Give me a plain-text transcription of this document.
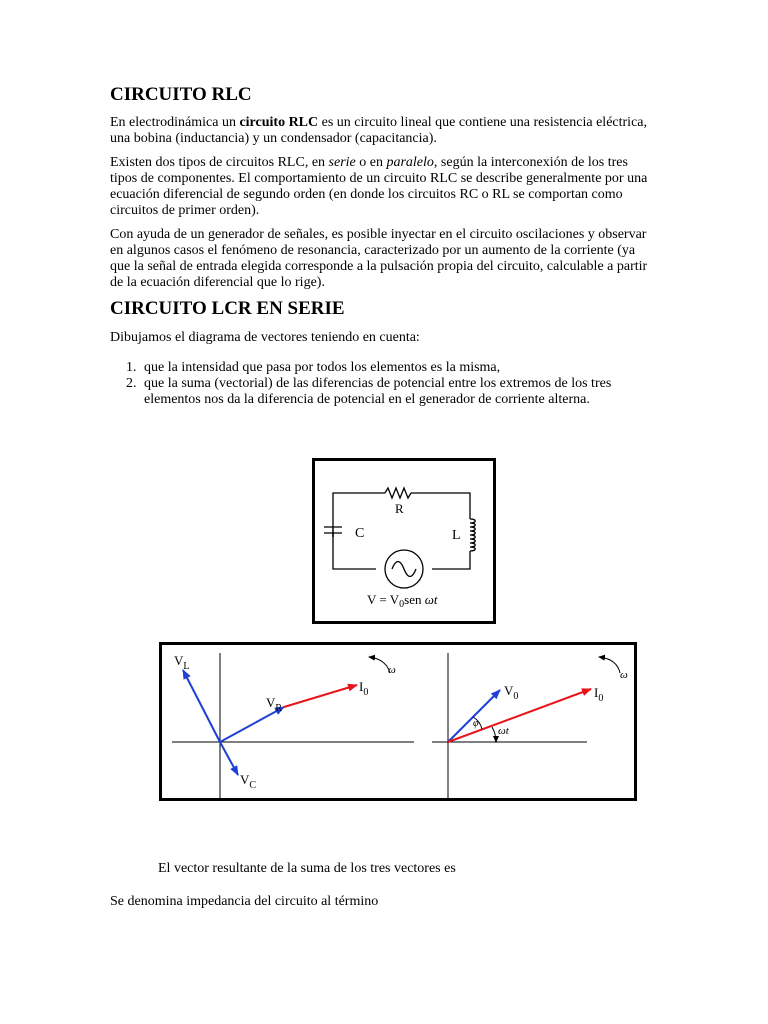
CIRCUITO RLC

En electrodinámica un circuito RLC es un circuito lineal que contiene una resistencia eléctrica, una bobina (inductancia) y un condensador (capacitancia).

Existen dos tipos de circuitos RLC, en serie o en paralelo, según la interconexión de los tres tipos de componentes. El comportamiento de un circuito RLC se describe generalmente por una ecuación diferencial de segundo orden (en donde los circuitos RC o RL se comportan como circuitos de primer orden).

Con ayuda de un generador de señales, es posible inyectar en el circuito oscilaciones y observar en algunos casos el fenómeno de resonancia, caracterizado por un aumento de la corriente (ya que la señal de entrada elegida corresponde a la pulsación propia del circuito, calculable a partir de la ecuación diferencial que lo rige).

CIRCUITO LCR EN SERIE

Dibujamos el diagrama de vectores teniendo en cuenta:

1. que la intensidad que pasa por todos los elementos es la misma,
2. que la suma (vectorial) de las diferencias de potencial entre los extremos de los tres elementos nos da la diferencia de potencial en el generador de corriente alterna.
R
C	L
$V = V_0sen$ ωt
$V_L$
$V_R$
$V_C$
$I_0$
ω
$V_0$	$I_0$
ω
φ
ωt
El vector resultante de la suma de los tres vectores es
Se denomina impedancia del circuito al término
